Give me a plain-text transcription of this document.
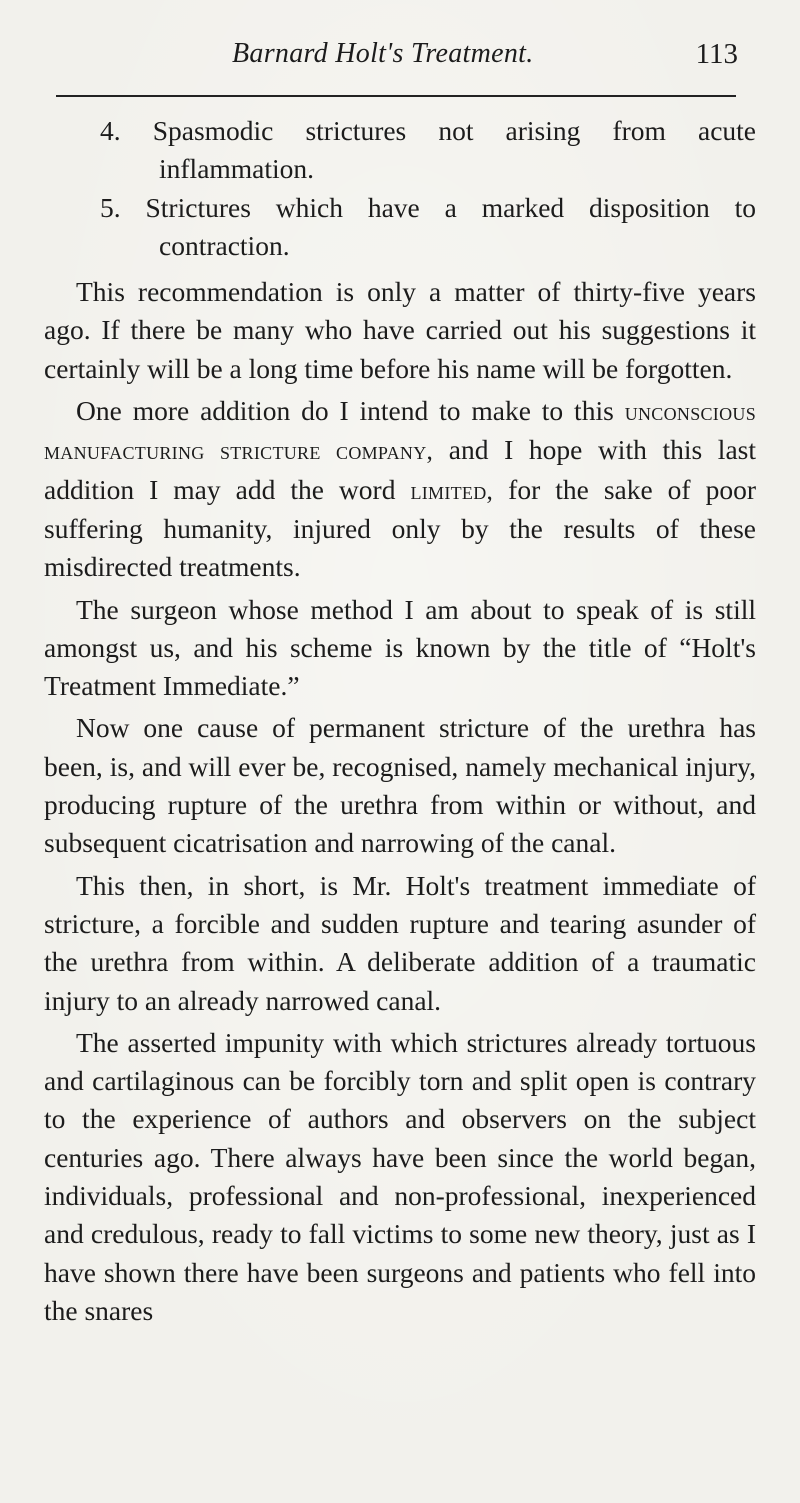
Barnard Holt's Treatment.	113

4. Spasmodic strictures not arising from acute inflammation.

5. Strictures which have a marked disposition to contraction.

This recommendation is only a matter of thirty-five years ago. If there be many who have carried out his suggestions it certainly will be a long time before his name will be forgotten.

One more addition do I intend to make to this unconscious manufacturing stricture company, and I hope with this last addition I may add the word limited, for the sake of poor suffering humanity, injured only by the results of these misdirected treatments.

The surgeon whose method I am about to speak of is still amongst us, and his scheme is known by the title of “Holt's Treatment Immediate.”

Now one cause of permanent stricture of the urethra has been, is, and will ever be, recognised, namely mechanical injury, producing rupture of the urethra from within or without, and subsequent cicatrisation and narrowing of the canal.

This then, in short, is Mr. Holt's treatment immediate of stricture, a forcible and sudden rupture and tearing asunder of the urethra from within. A deliberate addition of a traumatic injury to an already narrowed canal.

The asserted impunity with which strictures already tortuous and cartilaginous can be forcibly torn and split open is contrary to the experience of authors and observers on the subject centuries ago. There always have been since the world began, individuals, professional and non-professional, inexperienced and credulous, ready to fall victims to some new theory, just as I have shown there have been surgeons and patients who fell into the snares
